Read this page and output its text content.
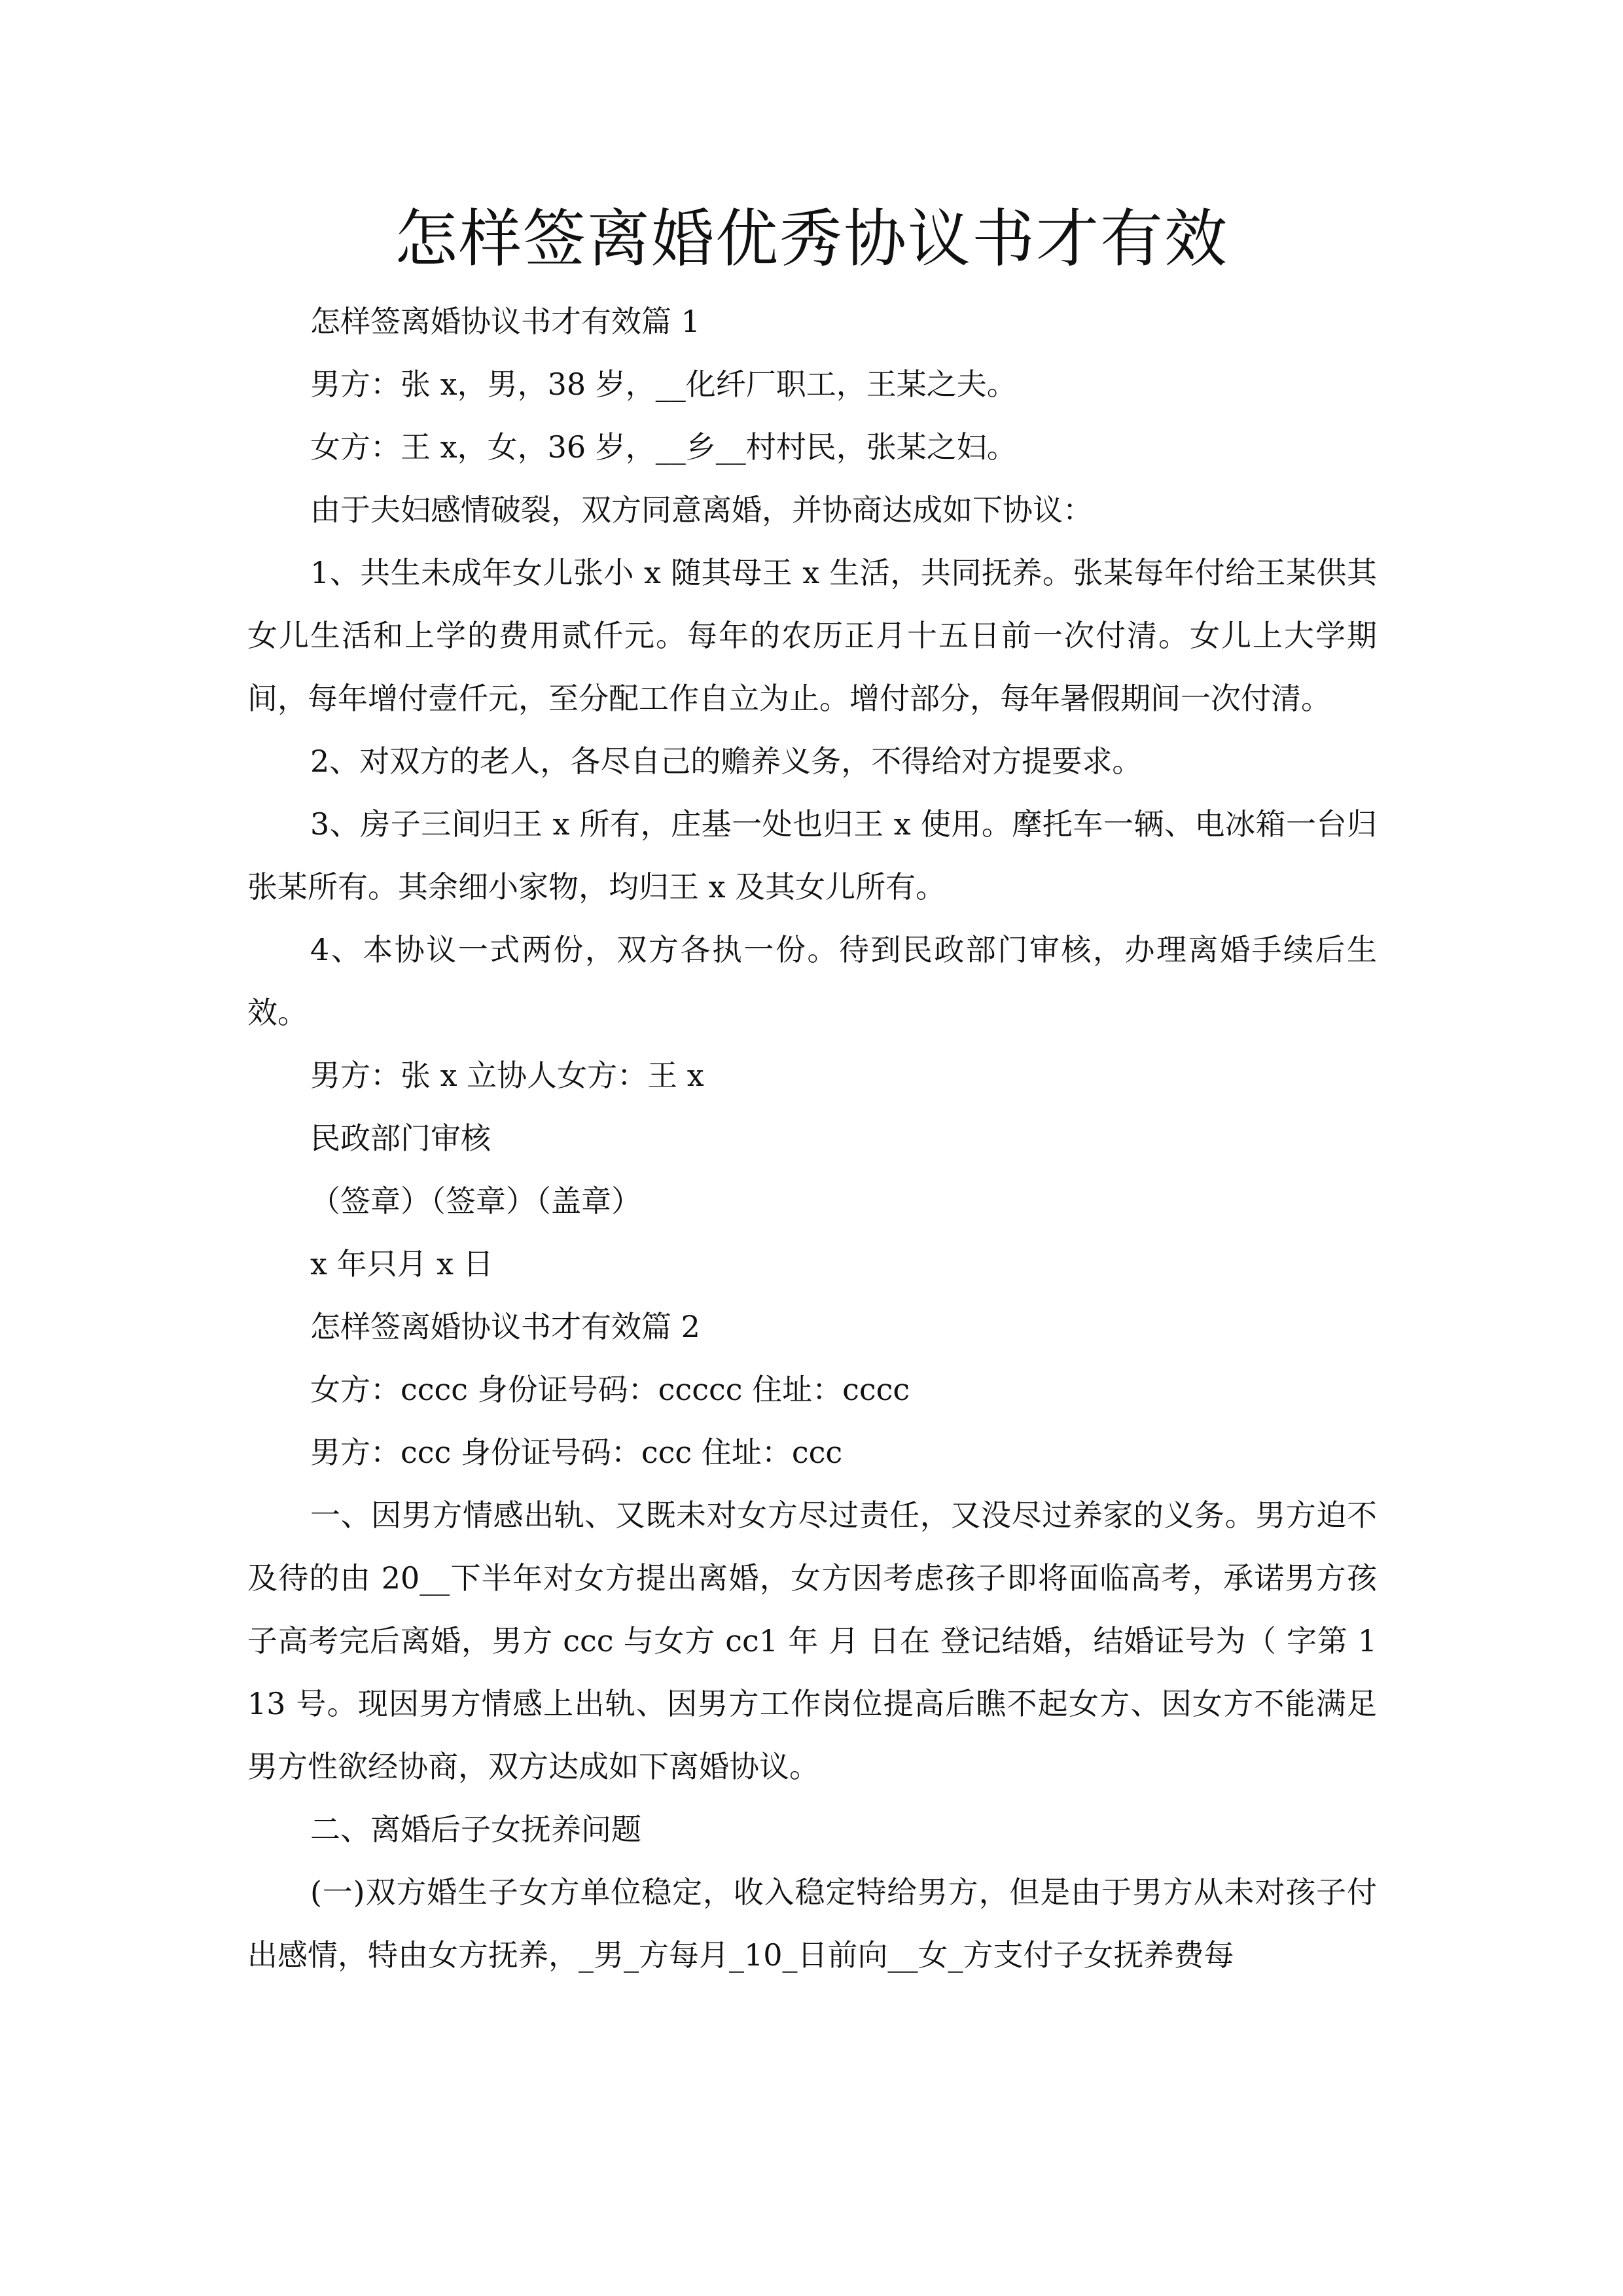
怎样签离婚优秀协议书才有效

怎样签离婚协议书才有效篇 1

男方：张 x，男，38 岁，__化纤厂职工，王某之夫。

女方：王 x，女，36 岁，__乡__村村民，张某之妇。

由于夫妇感情破裂，双方同意离婚，并协商达成如下协议：

1、共生未成年女儿张小 x 随其母王 x 生活，共同抚养。张某每年付给王某供其女儿生活和上学的费用贰仟元。每年的农历正月十五日前一次付清。女儿上大学期间，每年增付壹仟元，至分配工作自立为止。增付部分，每年暑假期间一次付清。

2、对双方的老人，各尽自己的赡养义务，不得给对方提要求。

3、房子三间归王 x 所有，庄基一处也归王 x 使用。摩托车一辆、电冰箱一台归张某所有。其余细小家物，均归王 x 及其女儿所有。

4、本协议一式两份，双方各执一份。待到民政部门审核，办理离婚手续后生效。

男方：张 x 立协人女方：王 x

民政部门审核

（签章）（签章）（盖章）

x 年只月 x 日

怎样签离婚协议书才有效篇 2

女方：cccc 身份证号码：ccccc 住址：cccc

男方：ccc 身份证号码：ccc 住址：ccc

一、因男方情感出轨、又既未对女方尽过责任，又没尽过养家的义务。男方迫不及待的由 20__下半年对女方提出离婚，女方因考虑孩子即将面临高考，承诺男方孩子高考完后离婚，男方 ccc 与女方 cc1 年 月 日在 登记结婚，结婚证号为（ 字第 113 号。现因男方情感上出轨、因男方工作岗位提高后瞧不起女方、因女方不能满足男方性欲经协商，双方达成如下离婚协议。

二、离婚后子女抚养问题

(一)双方婚生子女方单位稳定，收入稳定特给男方，但是由于男方从未对孩子付出感情，特由女方抚养，_男_方每月_10_日前向__女_方支付子女抚养费每
